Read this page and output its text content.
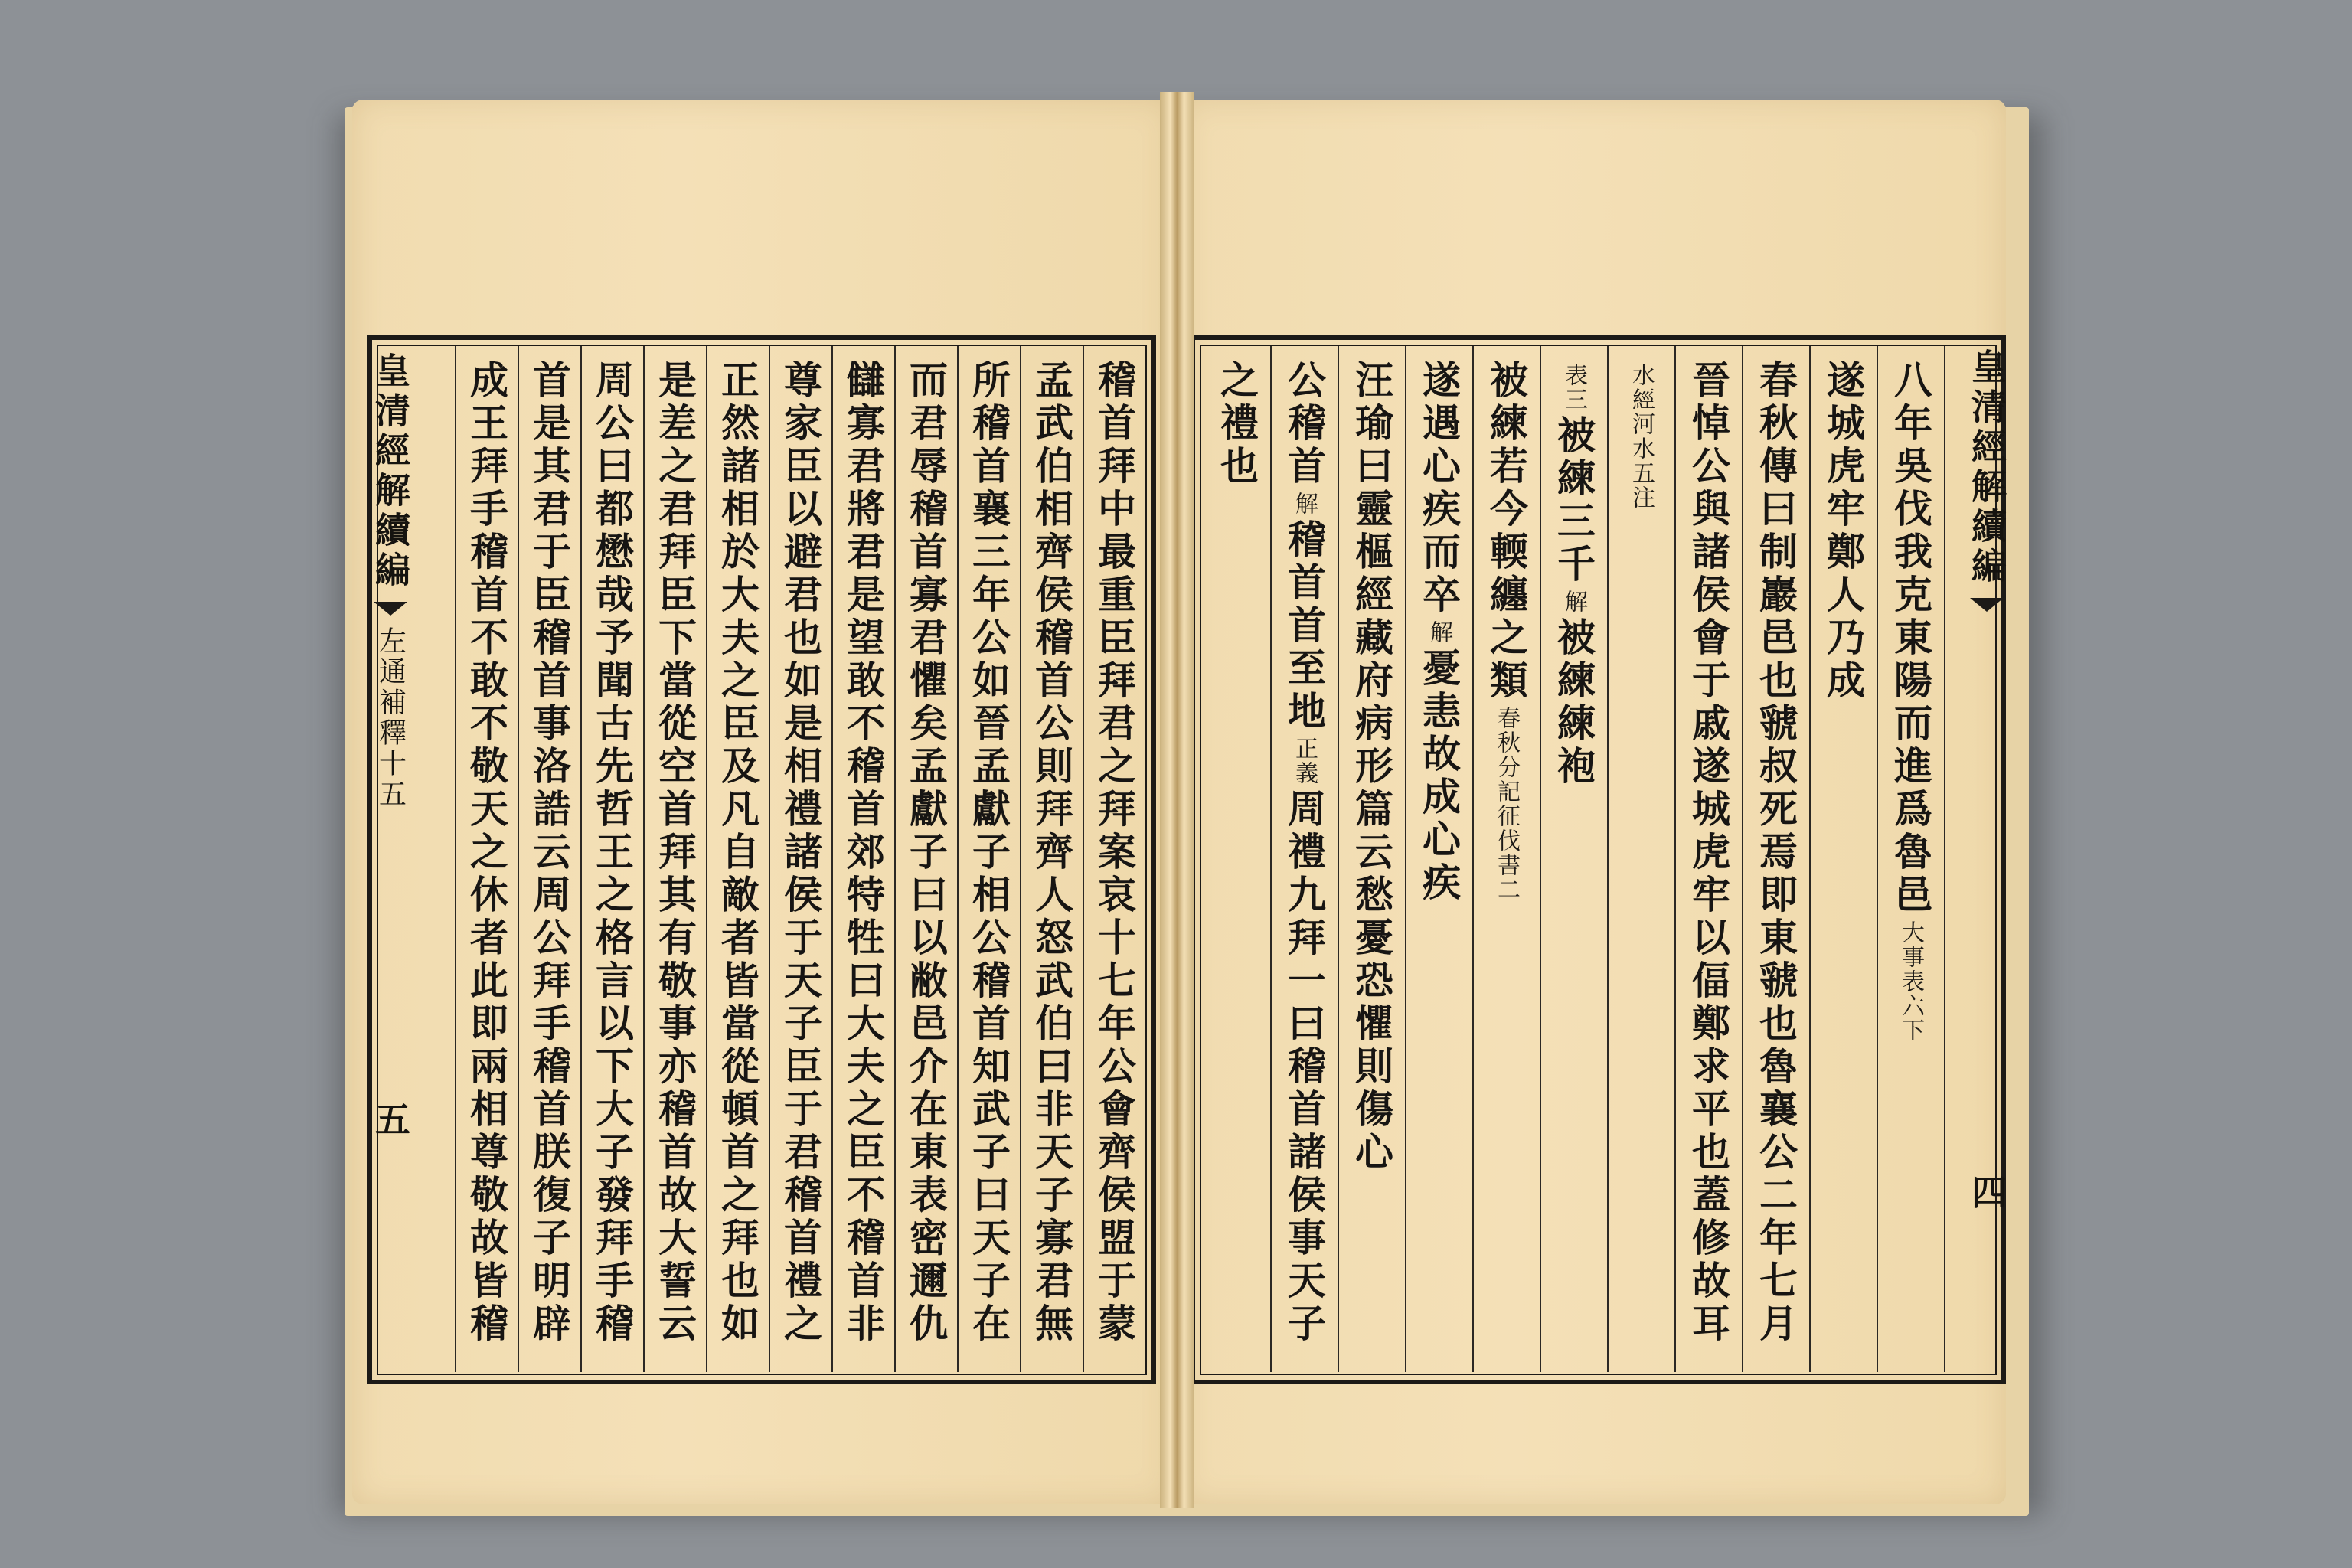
稽首拜中最重臣拜君之拜案哀十七年公會齊侯盟于蒙
孟武伯相齊侯稽首公則拜齊人怒武伯曰非天子寡君無
所稽首襄三年公如晉孟獻子相公稽首知武子曰天子在
而君辱稽首寡君懼矣孟獻子曰以敝邑介在東表密邇仇
讎寡君將君是望敢不稽首郊特牲曰大夫之臣不稽首非
尊家臣以避君也如是相禮諸侯于天子臣于君稽首禮之
正然諸相於大夫之臣及凡自敵者皆當從頓首之拜也如
是差之君拜臣下當從空首拜其有敬事亦稽首故大誓云
周公曰都懋哉予聞古先哲王之格言以下大子發拜手稽
首是其君于臣稽首事洛誥云周公拜手稽首朕復子明辟
成王拜手稽首不敢不敬天之休者此即兩相尊敬故皆稽	八年吳伐我克東陽而進爲魯邑
大事表六下
遂城虎牢鄭人乃成
春秋傳曰制巖邑也虢叔死焉即東虢也魯襄公二年七月
晉悼公與諸侯會于戚遂城虎牢以偪鄭求平也蓋修故耳
水經河水五注
表三
被練三千
解
被練練袍
被練若今輭纏之類
春秋分記征伐書二
遂遇心疾而卒
解
憂恚故成心疾
汪瑜曰靈樞經藏府病形篇云愁憂恐懼則傷心
公稽首
解
稽首首至地
正義
周禮九拜一曰稽首諸侯事天子
之禮也
皇清經解續編
左通補釋十五
五
皇清經解續編
四
